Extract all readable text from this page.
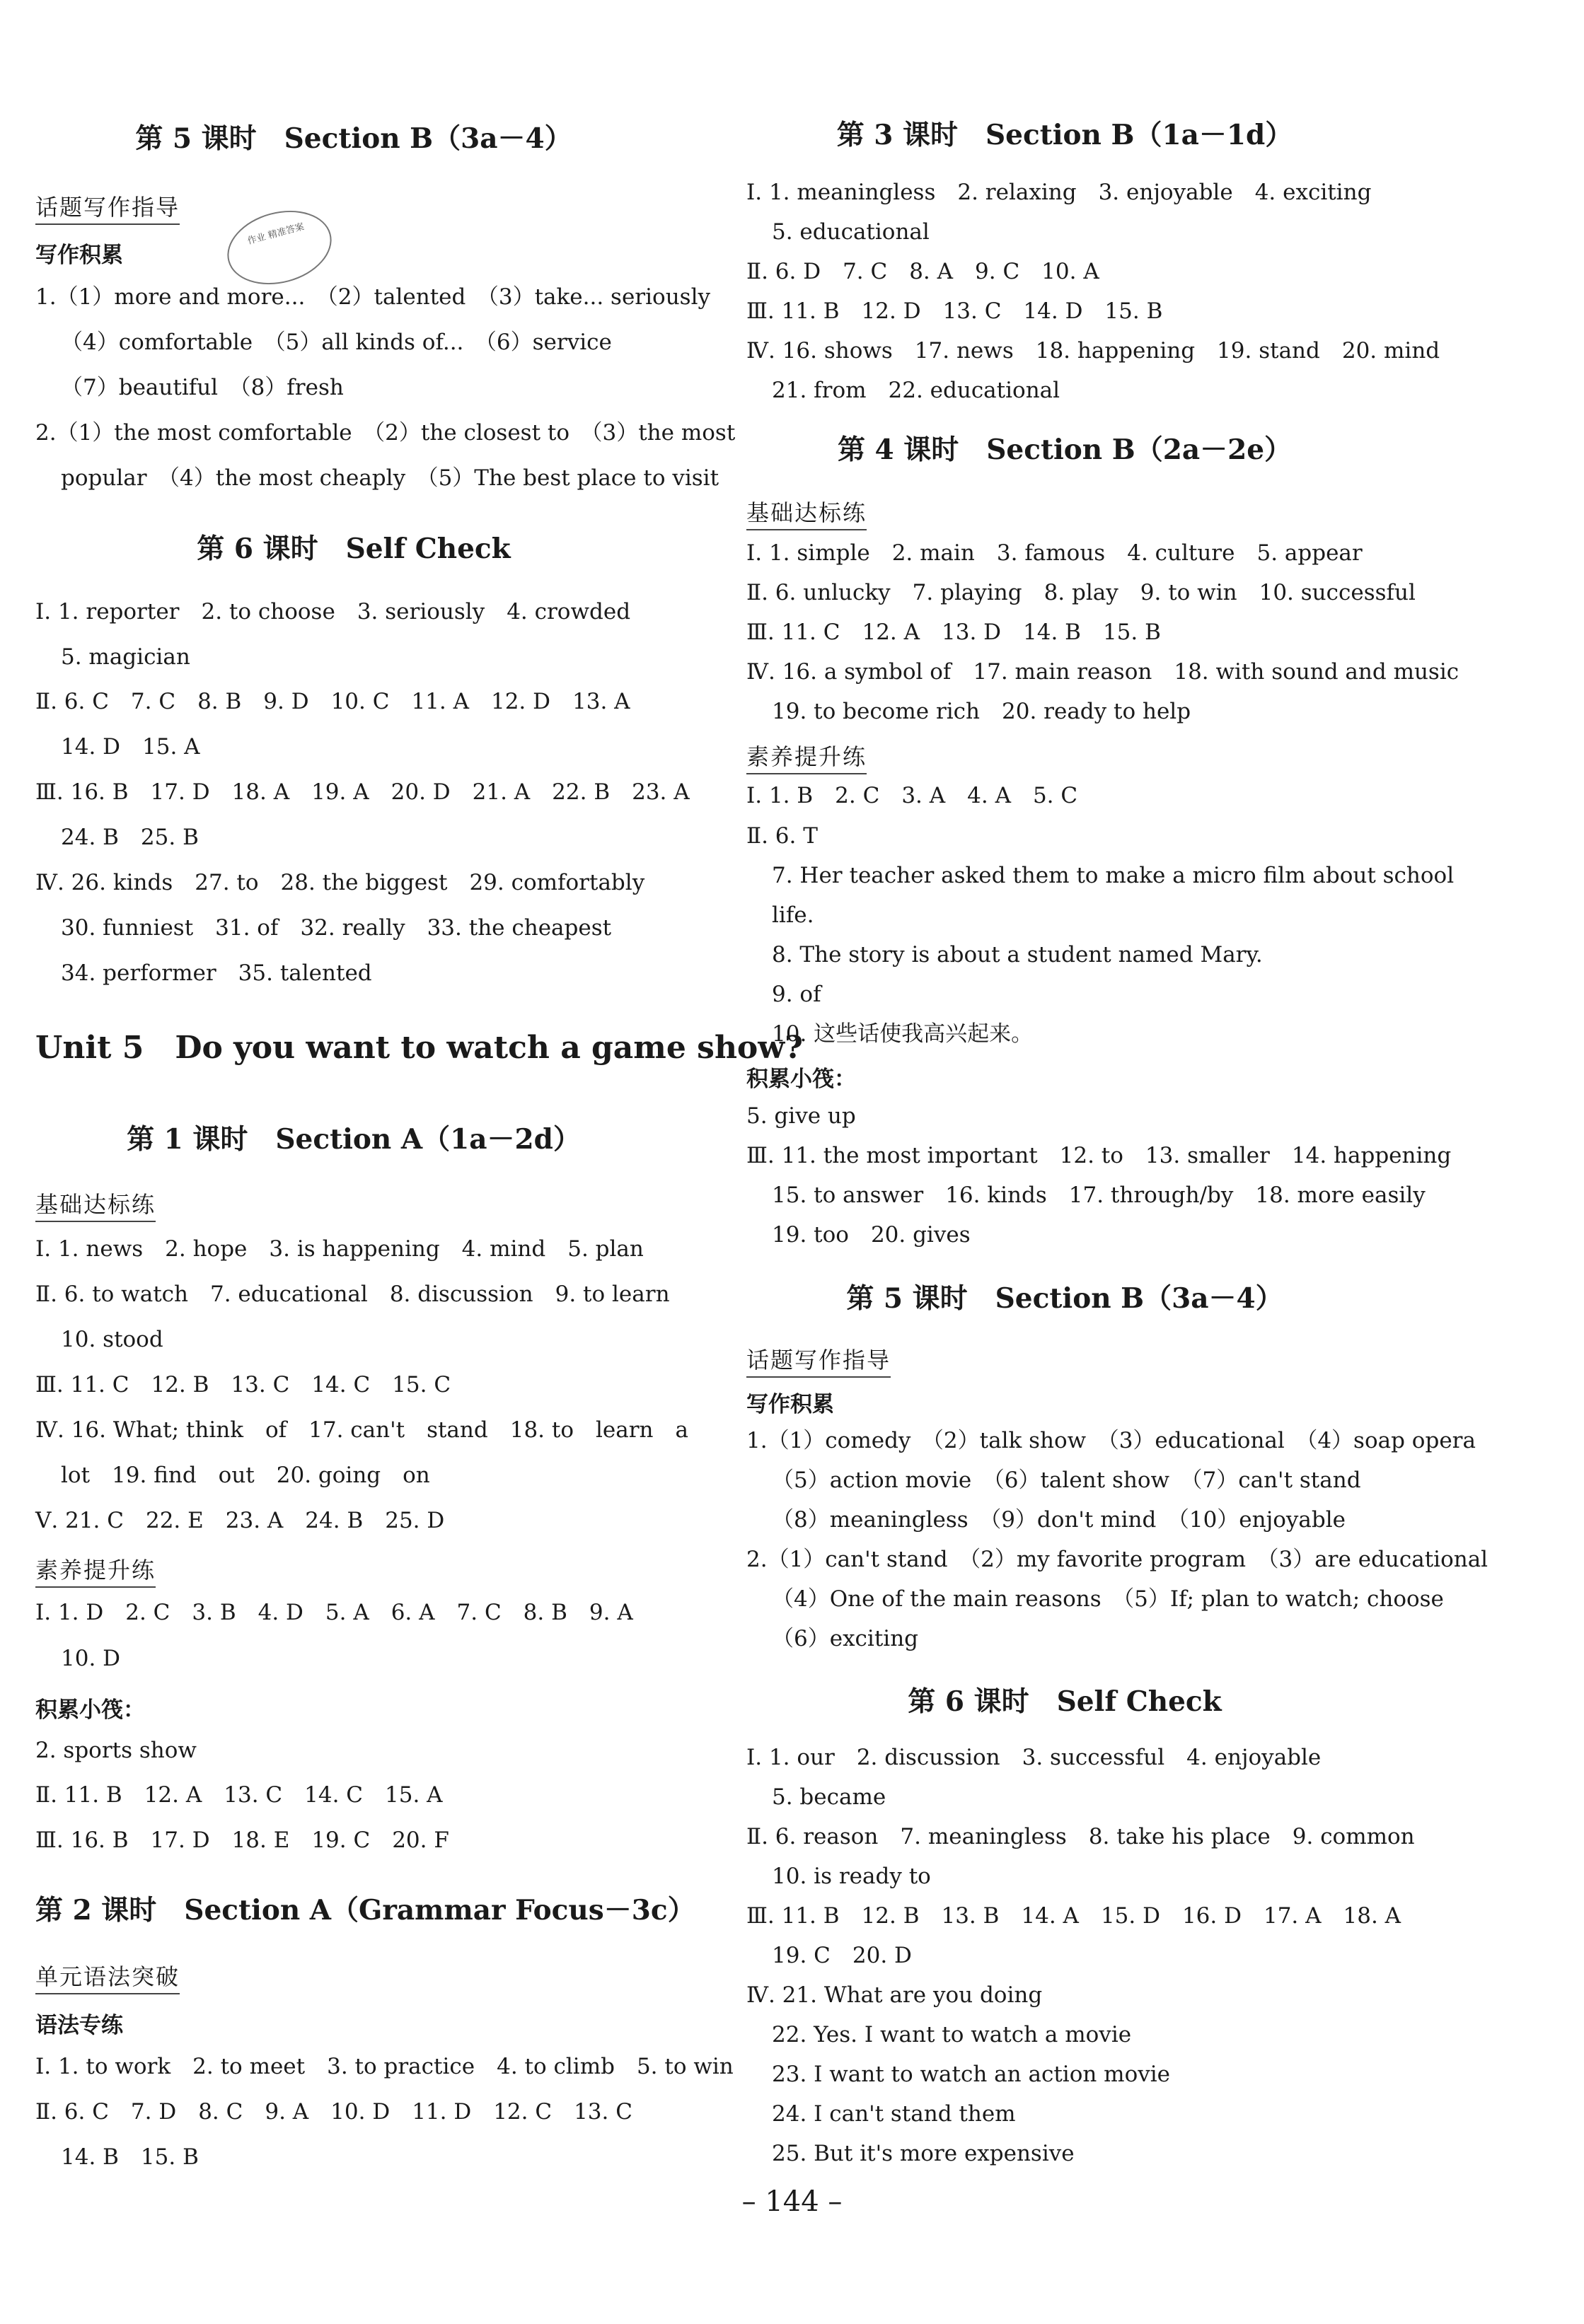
第 5 课时　Section B（3a－4）
话题写作指导
写作积累
作业 精准答案
1.（1）more and more...　（2）talented　（3）take... seriously
（4）comfortable　（5）all kinds of...　（6）service
（7）beautiful　（8）fresh
2.（1）the most comfortable　（2）the closest to　（3）the most
popular　（4）the most cheaply　（5）The best place to visit
第 6 课时　Self Check
Ⅰ. 1. reporter　2. to choose　3. seriously　4. crowded
5. magician
Ⅱ. 6. C　7. C　8. B　9. D　10. C　11. A　12. D　13. A
14. D　15. A
Ⅲ. 16. B　17. D　18. A　19. A　20. D　21. A　22. B　23. A
24. B　25. B
Ⅳ. 26. kinds　27. to　28. the biggest　29. comfortably
30. funniest　31. of　32. really　33. the cheapest
34. performer　35. talented
Unit 5　Do you want to watch a game show?
第 1 课时　Section A（1a－2d）
基础达标练
Ⅰ. 1. news　2. hope　3. is happening　4. mind　5. plan
Ⅱ. 6. to watch　7. educational　8. discussion　9. to learn
10. stood
Ⅲ. 11. C　12. B　13. C　14. C　15. C
Ⅳ. 16. What; think　of　17. can't　stand　18. to　learn　a
lot　19. find　out　20. going　on
Ⅴ. 21. C　22. E　23. A　24. B　25. D
素养提升练
Ⅰ. 1. D　2. C　3. B　4. D　5. A　6. A　7. C　8. B　9. A
10. D
积累小筏：
2. sports show
Ⅱ. 11. B　12. A　13. C　14. C　15. A
Ⅲ. 16. B　17. D　18. E　19. C　20. F
第 2 课时　Section A（Grammar Focus－3c）
单元语法突破
语法专练
Ⅰ. 1. to work　2. to meet　3. to practice　4. to climb　5. to win
Ⅱ. 6. C　7. D　8. C　9. A　10. D　11. D　12. C　13. C
14. B　15. B
第 3 课时　Section B（1a－1d）
Ⅰ. 1. meaningless　2. relaxing　3. enjoyable　4. exciting
5. educational
Ⅱ. 6. D　7. C　8. A　9. C　10. A
Ⅲ. 11. B　12. D　13. C　14. D　15. B
Ⅳ. 16. shows　17. news　18. happening　19. stand　20. mind
21. from　22. educational
第 4 课时　Section B（2a－2e）
基础达标练
Ⅰ. 1. simple　2. main　3. famous　4. culture　5. appear
Ⅱ. 6. unlucky　7. playing　8. play　9. to win　10. successful
Ⅲ. 11. C　12. A　13. D　14. B　15. B
Ⅳ. 16. a symbol of　17. main reason　18. with sound and music
19. to become rich　20. ready to help
素养提升练
Ⅰ. 1. B　2. C　3. A　4. A　5. C
Ⅱ. 6. T
7. Her teacher asked them to make a micro film about school
life.
8. The story is about a student named Mary.
9. of
10. 这些话使我高兴起来。
积累小筏：
5. give up
Ⅲ. 11. the most important　12. to　13. smaller　14. happening
15. to answer　16. kinds　17. through/by　18. more easily
19. too　20. gives
第 5 课时　Section B（3a－4）
话题写作指导
写作积累
1.（1）comedy　（2）talk show　（3）educational　（4）soap opera
（5）action movie　（6）talent show　（7）can't stand
（8）meaningless　（9）don't mind　（10）enjoyable
2.（1）can't stand　（2）my favorite program　（3）are educational
（4）One of the main reasons　（5）If; plan to watch; choose
（6）exciting
第 6 课时　Self Check
Ⅰ. 1. our　2. discussion　3. successful　4. enjoyable
5. became
Ⅱ. 6. reason　7. meaningless　8. take his place　9. common
10. is ready to
Ⅲ. 11. B　12. B　13. B　14. A　15. D　16. D　17. A　18. A
19. C　20. D
Ⅳ. 21. What are you doing
22. Yes. I want to watch a movie
23. I want to watch an action movie
24. I can't stand them
25. But it's more expensive
– 144 –
